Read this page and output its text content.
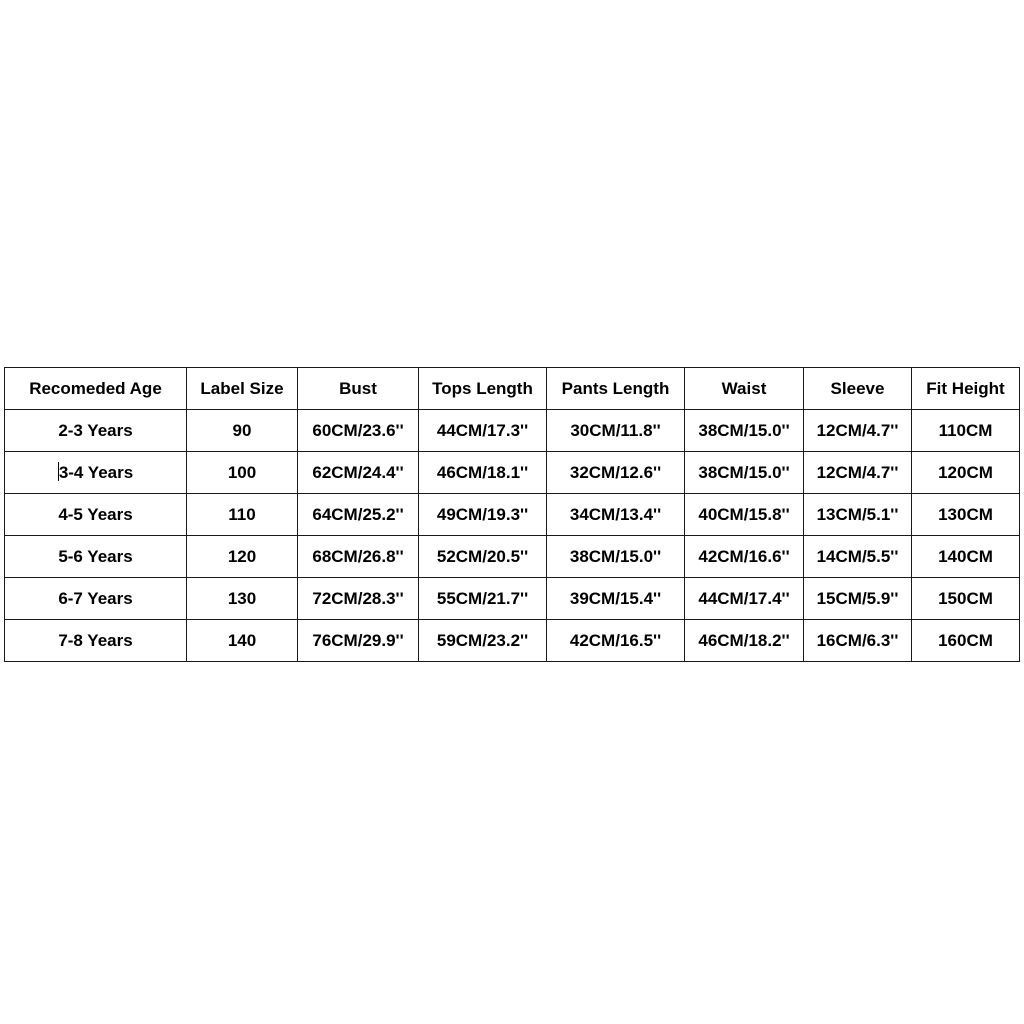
Recomeded Age	Label Size	Bust	Tops Length	Pants Length	Waist	Sleeve	Fit Height
2-3 Years	90	60CM/23.6''	44CM/17.3''	30CM/11.8''	38CM/15.0''	12CM/4.7''	110CM
3-4 Years	100	62CM/24.4''	46CM/18.1''	32CM/12.6''	38CM/15.0''	12CM/4.7''	120CM
4-5 Years	110	64CM/25.2''	49CM/19.3''	34CM/13.4''	40CM/15.8''	13CM/5.1''	130CM
5-6 Years	120	68CM/26.8''	52CM/20.5''	38CM/15.0''	42CM/16.6''	14CM/5.5''	140CM
6-7 Years	130	72CM/28.3''	55CM/21.7''	39CM/15.4''	44CM/17.4''	15CM/5.9''	150CM
7-8 Years	140	76CM/29.9''	59CM/23.2''	42CM/16.5''	46CM/18.2''	16CM/6.3''	160CM
